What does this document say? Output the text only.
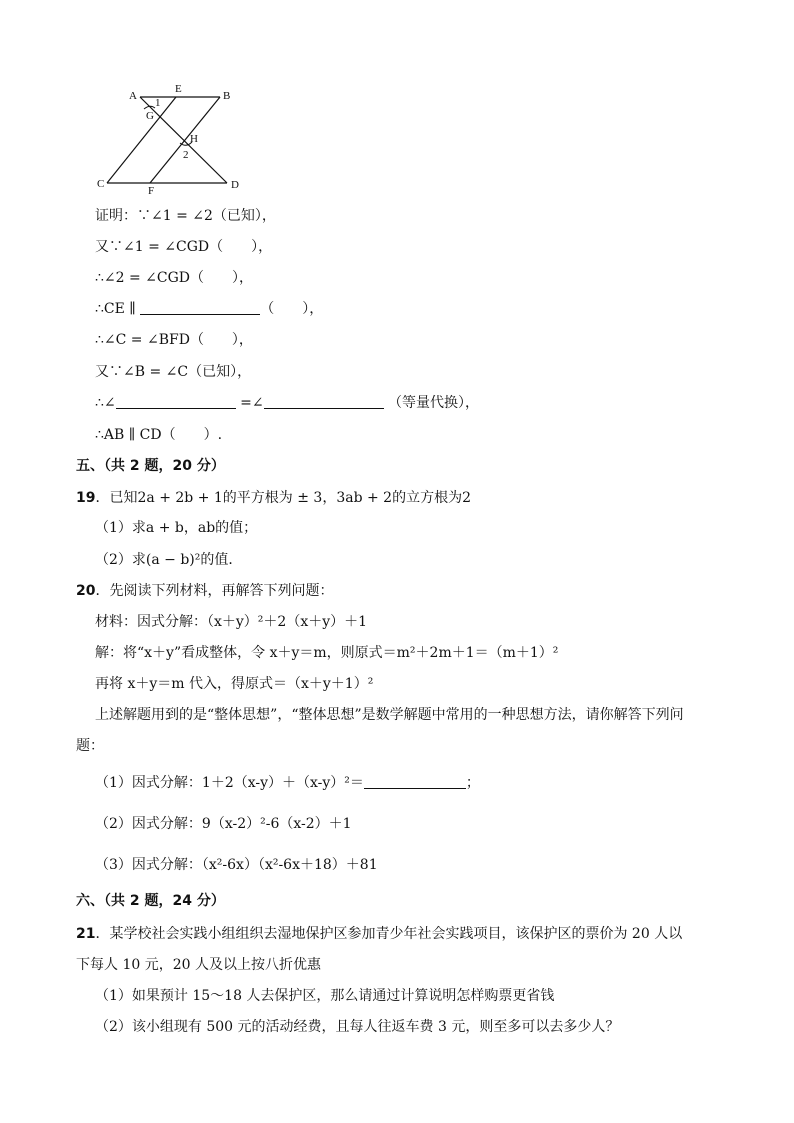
A
E
B
G
H
C
F	D
1
2
证明：∵∠1 = ∠2（已知），
又∵∠1 = ∠CGD（　　），
∴∠2 = ∠CGD（　　），
∴CE ∥	（　　），
∴∠C = ∠BFD（　　），
又∵∠B = ∠C（已知），
∴∠	=∠	（等量代换），
∴AB ∥ CD（　　）.
五、（共 2 题，20 分）
19．已知2a + 2b + 1的平方根为 ± 3，3ab + 2的立方根为2
（1）求a + b，ab的值；
（2）求(a − b)²的值．
20．先阅读下列材料，再解答下列问题：
材料：因式分解：（x＋y）²＋2（x＋y）＋1
解：将“x＋y”看成整体，令 x＋y＝m，则原式＝m²＋2m＋1＝（m＋1）²
再将 x＋y＝m 代入，得原式＝（x＋y＋1）²
上述解题用到的是“整体思想”，“整体思想”是数学解题中常用的一种思想方法，请你解答下列问
题：
（1）因式分解：1＋2（x-y）＋（x-y）²＝	；
（2）因式分解：9（x-2）²-6（x-2）＋1
（3）因式分解：（x²-6x）（x²-6x＋18）＋81
六、（共 2 题，24 分）
21．某学校社会实践小组组织去湿地保护区参加青少年社会实践项目，该保护区的票价为 20 人以
下每人 10 元，20 人及以上按八折优惠
（1）如果预计 15～18 人去保护区，那么请通过计算说明怎样购票更省钱
（2）该小组现有 500 元的活动经费，且每人往返车费 3 元，则至多可以去多少人？
